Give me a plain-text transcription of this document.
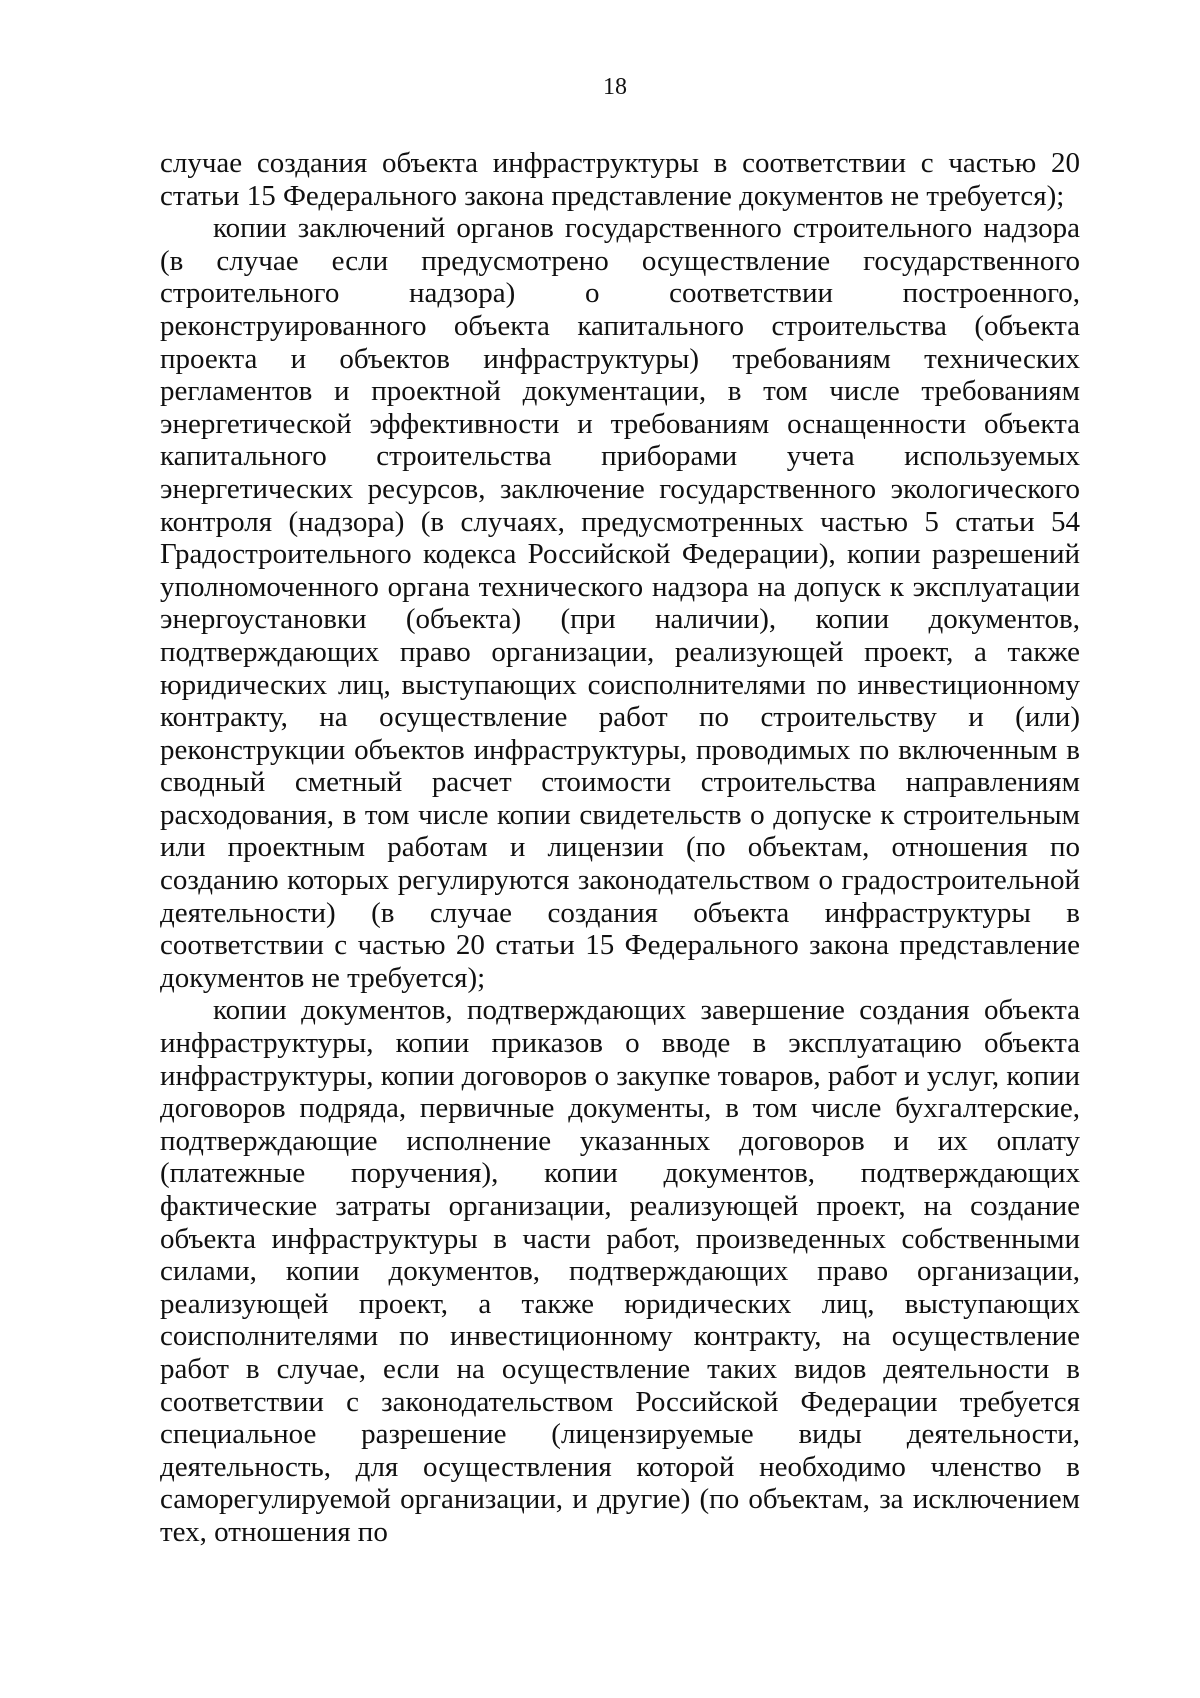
18

случае создания объекта инфраструктуры в соответствии с частью 20 статьи 15 Федерального закона представление документов не требуется);

копии заключений органов государственного строительного надзора (в случае если предусмотрено осуществление государственного строительного надзора) о соответствии построенного, реконструированного объекта капитального строительства (объекта проекта и объектов инфраструктуры) требованиям технических регламентов и проектной документации, в том числе требованиям энергетической эффективности и требованиям оснащенности объекта капитального строительства приборами учета используемых энергетических ресурсов, заключение государственного экологического контроля (надзора) (в случаях, предусмотренных частью 5 статьи 54 Градостроительного кодекса Российской Федерации), копии разрешений уполномоченного органа технического надзора на допуск к эксплуатации энергоустановки (объекта) (при наличии), копии документов, подтверждающих право организации, реализующей проект, а также юридических лиц, выступающих соисполнителями по инвестиционному контракту, на осуществление работ по строительству и (или) реконструкции объектов инфраструктуры, проводимых по включенным в сводный сметный расчет стоимости строительства направлениям расходования, в том числе копии свидетельств о допуске к строительным или проектным работам и лицензии (по объектам, отношения по созданию которых регулируются законодательством о градостроительной деятельности) (в случае создания объекта инфраструктуры в соответствии с частью 20 статьи 15 Федерального закона представление документов не требуется);

копии документов, подтверждающих завершение создания объекта инфраструктуры, копии приказов о вводе в эксплуатацию объекта инфраструктуры, копии договоров о закупке товаров, работ и услуг, копии договоров подряда, первичные документы, в том числе бухгалтерские, подтверждающие исполнение указанных договоров и их оплату (платежные поручения), копии документов, подтверждающих фактические затраты организации, реализующей проект, на создание объекта инфраструктуры в части работ, произведенных собственными силами, копии документов, подтверждающих право организации, реализующей проект, а также юридических лиц, выступающих соисполнителями по инвестиционному контракту, на осуществление работ в случае, если на осуществление таких видов деятельности в соответствии с законодательством Российской Федерации требуется специальное разрешение (лицензируемые виды деятельности, деятельность, для осуществления которой необходимо членство в саморегулируемой организации, и другие) (по объектам, за исключением тех, отношения по
